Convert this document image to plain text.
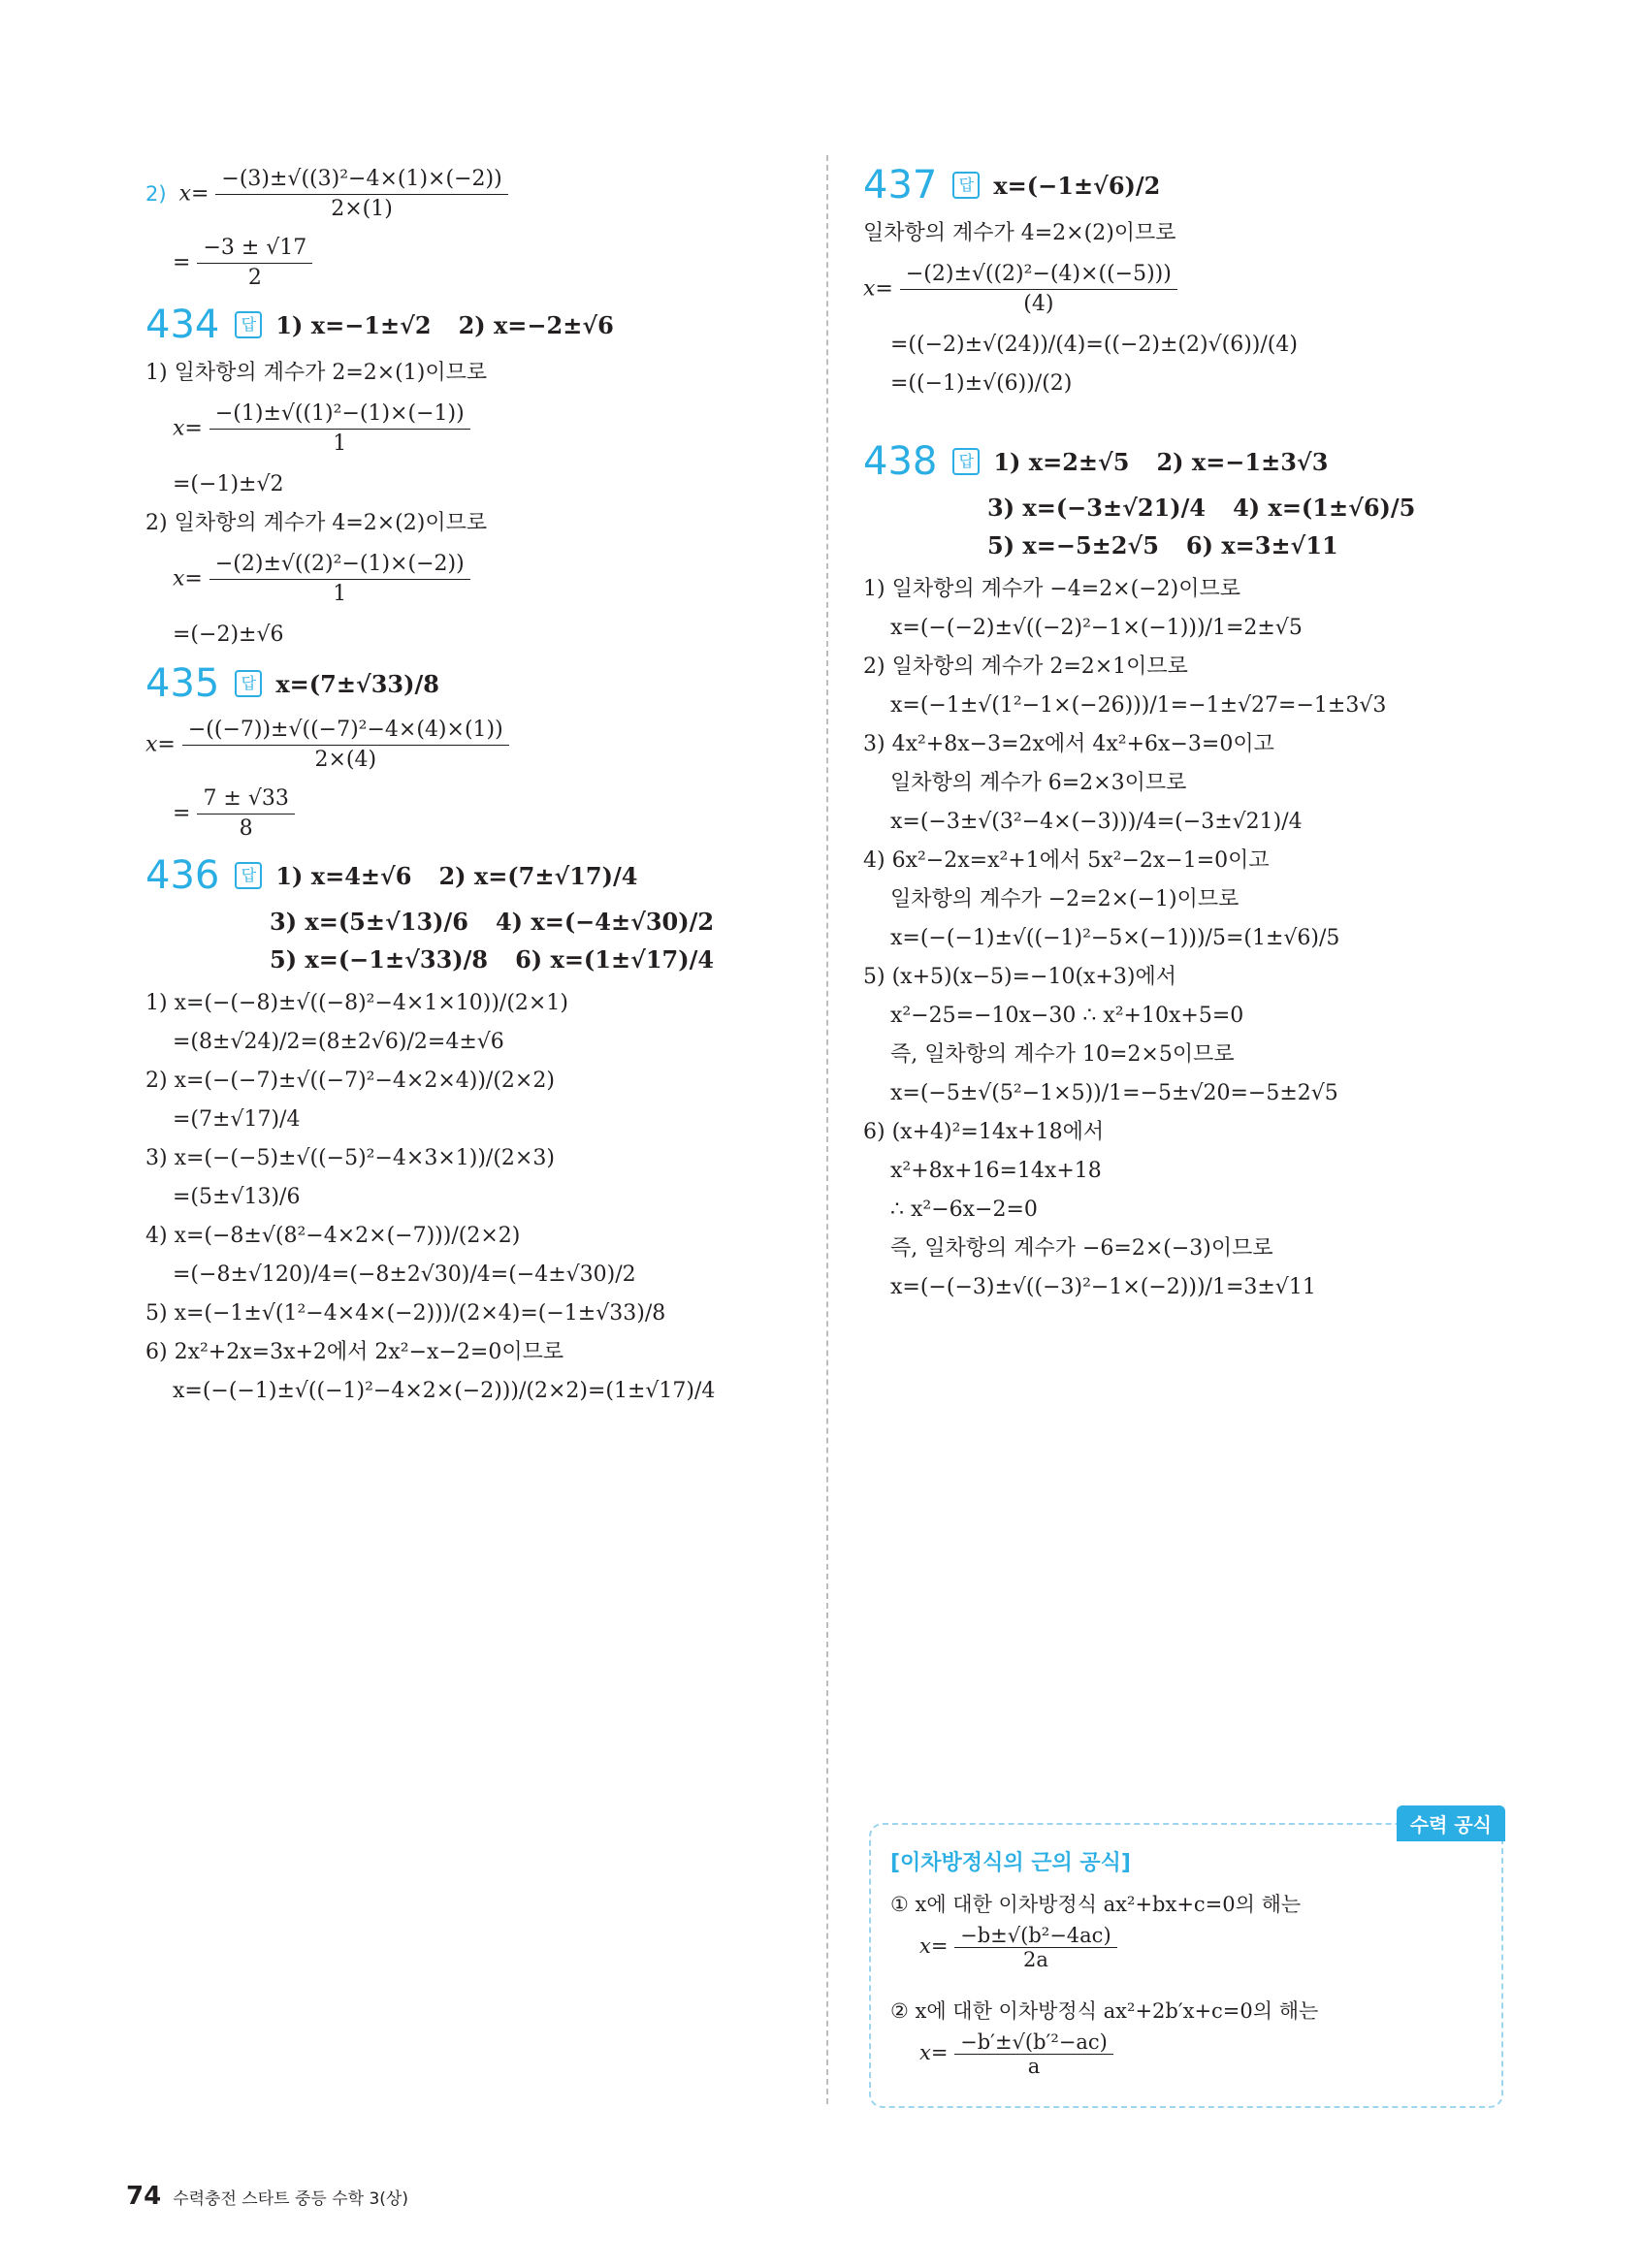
2) $x= \frac{\text{−(3)±√((3)²−4×(1)×(−2))}}{2\times(1)}$
= $\frac{-3 \pm √17}{2}$
434	답 1) x=−1±√2 2) x=−2±√6
1) 일차항의 계수가 2=2×(1)이므로
$x= \frac{\text{−(1)±√((1)²−(1)×(−1))}}{1}$
=(−1)±√2
2) 일차항의 계수가 4=2×(2)이므로
$x= \frac{\text{−(2)±√((2)²−(1)×(−2))}}{1}$
=(−2)±√6
435	답 x=(7±√33)/8
$x= \frac{\text{−((−7))±√((−7)²−4×(4)×(1))}}{2\times(4)}$
= $\frac{7 \pm √33}{8}$
436	답 1) x=4±√6 2) x=(7±√17)/4
3) x=(5±√13)/6 4) x=(−4±√30)/2
5) x=(−1±√33)/8 6) x=(1±√17)/4
1) x=(−(−8)±√((−8)²−4×1×10))/(2×1)
=(8±√24)/2=(8±2√6)/2=4±√6
2) x=(−(−7)±√((−7)²−4×2×4))/(2×2)
=(7±√17)/4
3) x=(−(−5)±√((−5)²−4×3×1))/(2×3)
=(5±√13)/6
4) x=(−8±√(8²−4×2×(−7)))/(2×2)
=(−8±√120)/4=(−8±2√30)/4=(−4±√30)/2
5) x=(−1±√(1²−4×4×(−2)))/(2×4)=(−1±√33)/8
6) 2x²+2x=3x+2에서 2x²−x−2=0이므로
x=(−(−1)±√((−1)²−4×2×(−2)))/(2×2)=(1±√17)/4
437	답 x=(−1±√6)/2
일차항의 계수가 4=2×(2)이므로
$x= \frac{\text{−(2)±√((2)²−(4)×((−5)))}}{(4)}$
=((−2)±√(24))/(4)=((−2)±(2)√(6))/(4)
=((−1)±√(6))/(2)
438	답 1) x=2±√5 2) x=−1±3√3
3) x=(−3±√21)/4 4) x=(1±√6)/5
5) x=−5±2√5 6) x=3±√11
1) 일차항의 계수가 −4=2×(−2)이므로
x=(−(−2)±√((−2)²−1×(−1)))/1=2±√5
2) 일차항의 계수가 2=2×1이므로
x=(−1±√(1²−1×(−26)))/1=−1±√27=−1±3√3
3) 4x²+8x−3=2x에서 4x²+6x−3=0이고
일차항의 계수가 6=2×3이므로
x=(−3±√(3²−4×(−3)))/4=(−3±√21)/4
4) 6x²−2x=x²+1에서 5x²−2x−1=0이고
일차항의 계수가 −2=2×(−1)이므로
x=(−(−1)±√((−1)²−5×(−1)))/5=(1±√6)/5
5) (x+5)(x−5)=−10(x+3)에서
x²−25=−10x−30 ∴ x²+10x+5=0
즉, 일차항의 계수가 10=2×5이므로
x=(−5±√(5²−1×5))/1=−5±√20=−5±2√5
6) (x+4)²=14x+18에서
x²+8x+16=14x+18
∴ x²−6x−2=0
즉, 일차항의 계수가 −6=2×(−3)이므로
x=(−(−3)±√((−3)²−1×(−2)))/1=3±√11
수력 공식
[이차방정식의 근의 공식]
① x에 대한 이차방정식 ax²+bx+c=0의 해는
$x= \frac{\text{−b±√(b²−4ac)}}{2a}$
② x에 대한 이차방정식 ax²+2b′x+c=0의 해는
$x= \frac{\text{−b′±√(b′²−ac)}}{a}$
74 수력충전 스타트 중등 수학 3(상)
